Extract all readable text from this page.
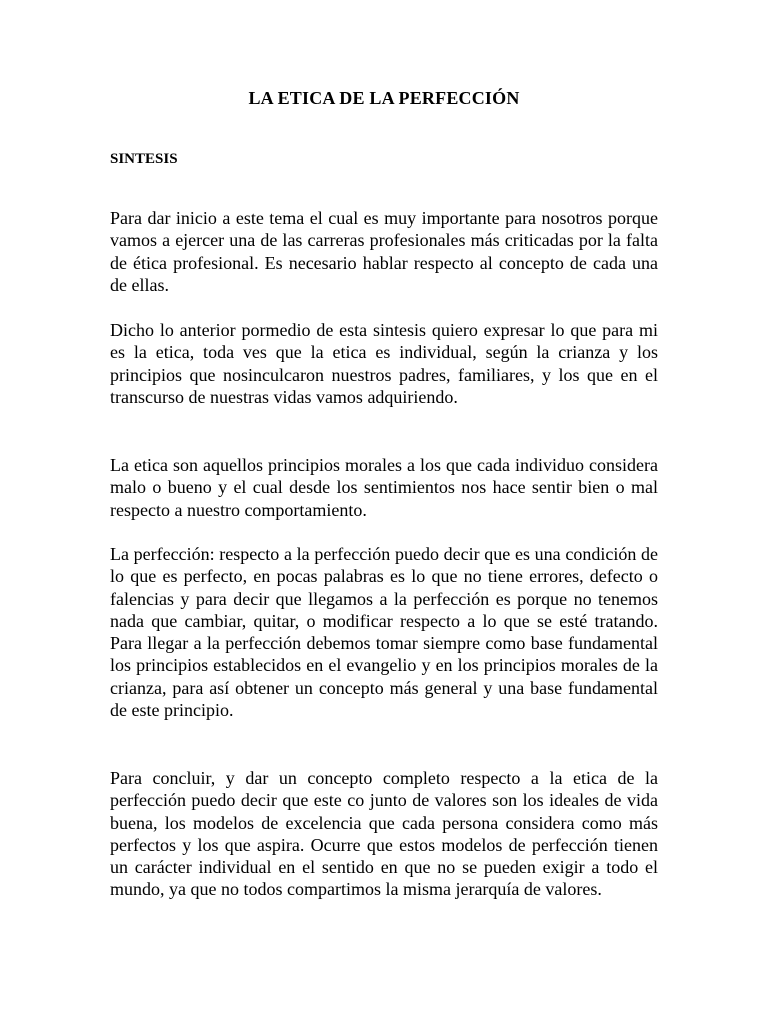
LA ETICA DE LA PERFECCIÓN
SINTESIS

Para dar inicio a este tema el cual es muy importante para nosotros porque vamos a ejercer una de las carreras profesionales más criticadas por la falta de ética profesional. Es necesario hablar respecto al concepto de cada una de ellas.

Dicho lo anterior pormedio de esta sintesis quiero expresar lo que para mi es la etica, toda ves que la etica es individual, según la crianza y los principios que nosinculcaron nuestros padres, familiares, y los que en el transcurso de nuestras vidas vamos adquiriendo.

La etica son aquellos principios morales a los que cada individuo considera malo o bueno y el cual desde los sentimientos nos hace sentir bien o mal respecto a nuestro comportamiento.

La perfección: respecto a la perfección puedo decir que es una condición de lo que es perfecto, en pocas palabras es lo que no tiene errores, defecto o falencias y para decir que llegamos a la perfección es porque no tenemos nada que cambiar, quitar, o modificar respecto a lo que se esté tratando. Para llegar a la perfección debemos tomar siempre como base fundamental los principios establecidos en el evangelio y en los principios morales de la crianza, para así obtener un concepto más general y una base fundamental de este principio.

Para concluir, y dar un concepto completo respecto a la etica de la perfección puedo decir que este co junto de valores son los ideales de vida buena, los modelos de excelencia que cada persona considera como más perfectos y los que aspira. Ocurre que estos modelos de perfección tienen un carácter individual en el sentido en que no se pueden exigir a todo el mundo, ya que no todos compartimos la misma jerarquía de valores.
